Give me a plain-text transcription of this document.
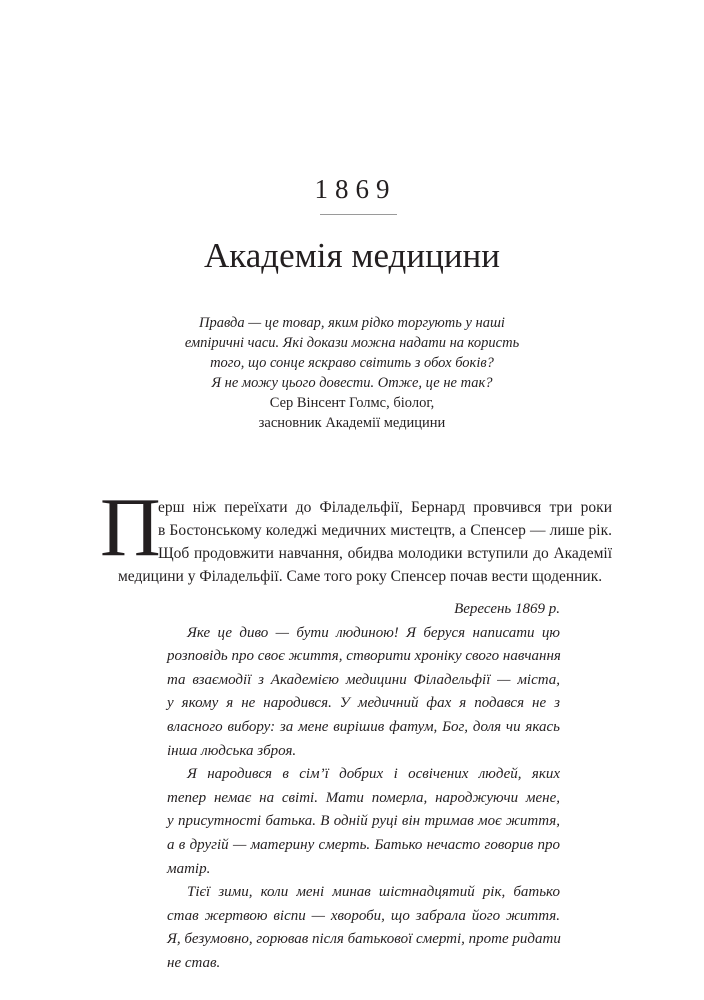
1869
Академія медицини
Правда — це товар, яким рідко торгують у наші
емпіричні часи. Які докази можна надати на користь
того, що сонце яскраво світить з обох боків?
Я не можу цього довести. Отже, це не так?
Сер Вінсент Голмс, біолог,
засновник Академії медицини
П
ерш ніж переїхати до Філадельфії, Бернард провчився три роки
в Бостонському коледжі медичних мистецтв, а Спенсер — лише рік.
Щоб продовжити навчання, обидва молодики вступили до Академії
медицини у Філадельфії. Саме того року Спенсер почав вести щоденник.
Вересень 1869 р.
Яке це диво — бути людиною! Я беруся написати цю
розповідь про своє життя, створити хроніку свого навчання
та взаємодії з Академією медицини Філадельфії — міста,
у якому я не народився. У медичний фах я подався не з
власного вибору: за мене вирішив фатум, Бог, доля чи якась
інша людська зброя.
Я народився в сім’ї добрих і освічених людей, яких
тепер немає на світі. Мати померла, народжуючи мене,
у присутності батька. В одній руці він тримав моє життя,
а в другій — материну смерть. Батько нечасто говорив про
матір.
Тієї зими, коли мені минав шістнадцятий рік, батько
став жертвою віспи — хвороби, що забрала його життя.
Я, безумовно, горював після батькової смерті, проте ридати
не став.
